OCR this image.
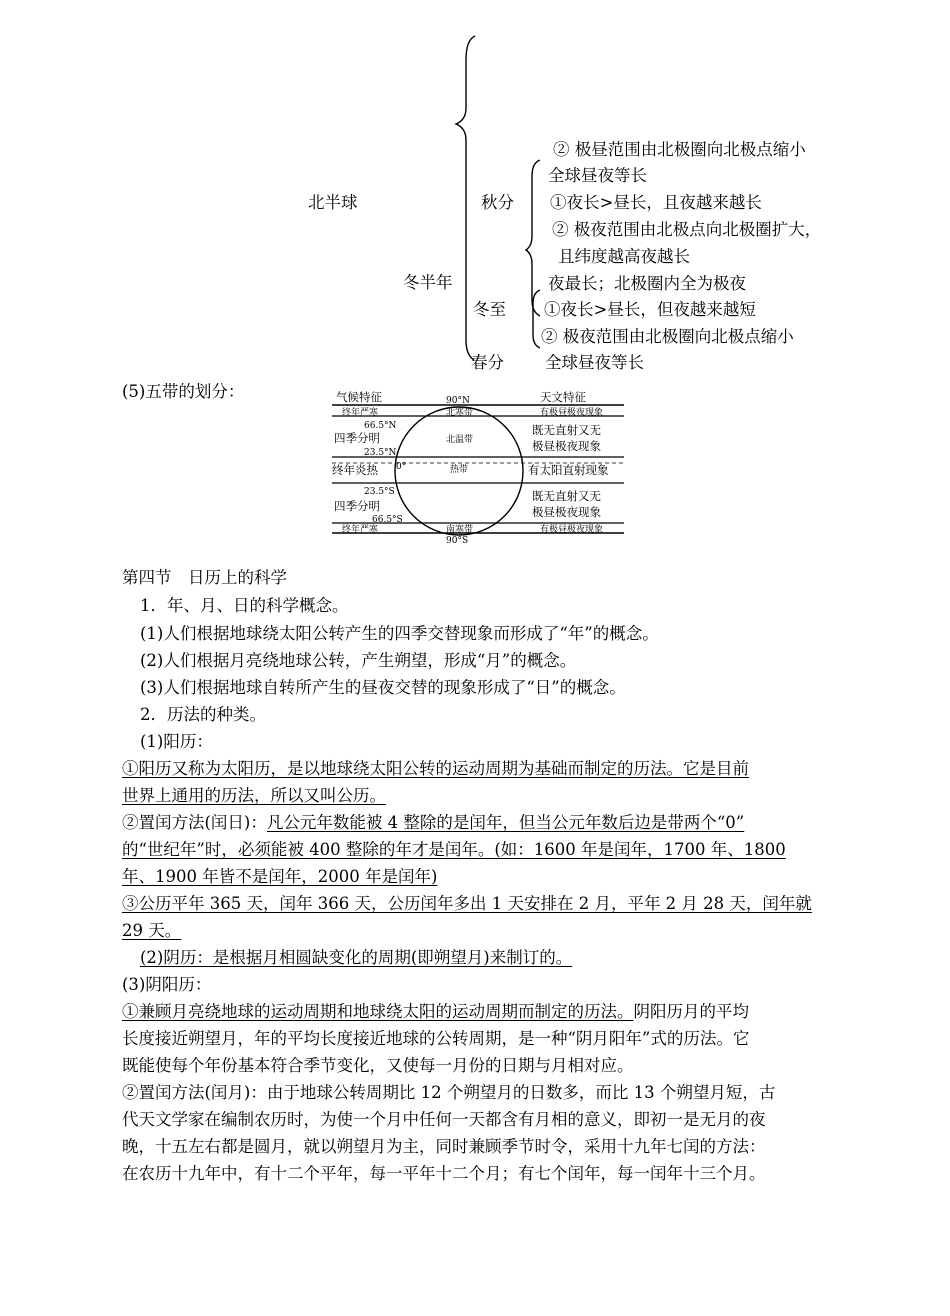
北半球
冬半年
秋分
冬至
春分
② 极昼范围由北极圈向北极点缩小
全球昼夜等长
①夜长>昼长，且夜越来越长
② 极夜范围由北极点向北极圈扩大，
且纬度越高夜越长
夜最长；北极圈内全为极夜
①夜长>昼长，但夜越来越短
② 极夜范围由北极圈向北极点缩小
全球昼夜等长
(5)五带的划分：	气候特征	天文特征
90°N
终年严寒	北寒带	有极昼极夜现象
66.5°N
四季分明	北温带
既无直射又无
极昼极夜现象
23.5°N
0°
终年炎热	热带	有太阳直射现象
23.5°S
四季分明
既无直射又无
极昼极夜现象
66.5°S
终年严寒	南寒带	有极昼极夜现象
90°S
第四节　日历上的科学
1．年、月、日的科学概念。
(1)人们根据地球绕太阳公转产生的四季交替现象而形成了“年”的概念。
(2)人们根据月亮绕地球公转，产生朔望，形成“月”的概念。
(3)人们根据地球自转所产生的昼夜交替的现象形成了“日”的概念。
2．历法的种类。
(1)阳历：
①阳历又称为太阳历，是以地球绕太阳公转的运动周期为基础而制定的历法。它是目前
世界上通用的历法，所以又叫公历。
②置闰方法(闰日)：凡公元年数能被 4 整除的是闰年，但当公元年数后边是带两个“0”
的“世纪年”时，必须能被 400 整除的年才是闰年。(如：1600 年是闰年，1700 年、1800
年、1900 年皆不是闰年，2000 年是闰年)
③公历平年 365 天，闰年 366 天，公历闰年多出 1 天安排在 2 月，平年 2 月 28 天，闰年就
29 天。
(2)阴历：是根据月相圆缺变化的周期(即朔望月)来制订的。
(3)阴阳历：
①兼顾月亮绕地球的运动周期和地球绕太阳的运动周期而制定的历法。阴阳历月的平均
长度接近朔望月，年的平均长度接近地球的公转周期，是一种“阴月阳年”式的历法。它
既能使每个年份基本符合季节变化，又使每一月份的日期与月相对应。
②置闰方法(闰月)：由于地球公转周期比 12 个朔望月的日数多，而比 13 个朔望月短，古
代天文学家在编制农历时，为使一个月中任何一天都含有月相的意义，即初一是无月的夜
晚，十五左右都是圆月，就以朔望月为主，同时兼顾季节时令，采用十九年七闰的方法：
在农历十九年中，有十二个平年，每一平年十二个月；有七个闰年，每一闰年十三个月。
